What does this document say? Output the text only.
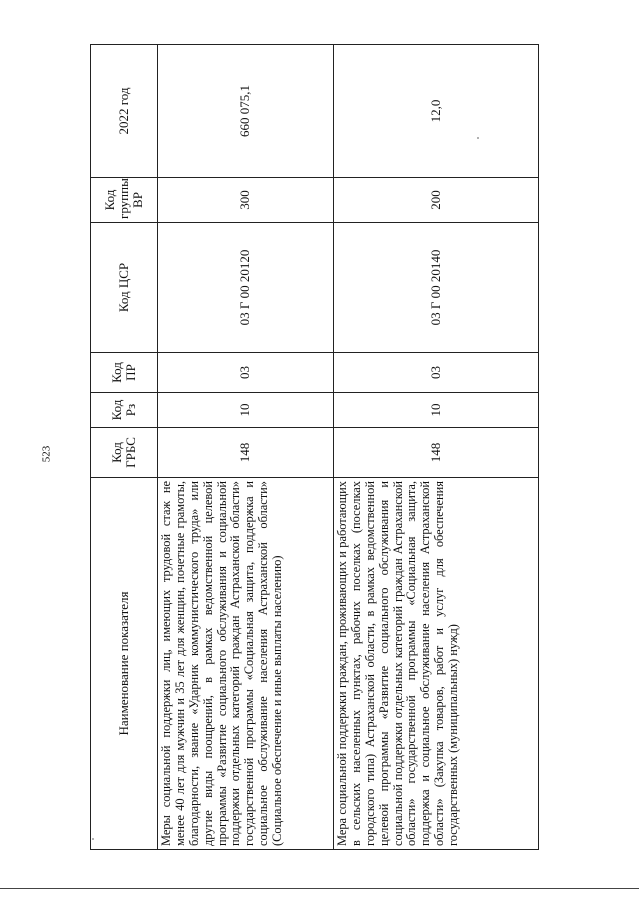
523
Наименование показателя	Код ГРБС	Код Рз	Код ПР	Код ЦСР	Код группы ВР	2022 год
Меры социальной поддержки лиц, имеющих трудовой стаж не менее 40 лет для мужчин и 35 лет для женщин, почетные грамоты, благодарности, звание «Ударник коммунистического труда» или другие виды поощрений, в рамках ведомственной целевой программы «Развитие социального обслуживания и социальной поддержки отдельных категорий граждан Астраханской области» государственной программы «Социальная защита, поддержка и социальное обслуживание населения Астраханской области» (Социальное обеспечение и иные выплаты населению)	148	10	03	03 Г 00 20120	300	660 075,1
Мера социальной поддержки граждан, проживающих и работающих в сельских населенных пунктах, рабочих поселках (поселках городского типа) Астраханской области, в рамках ведомственной целевой программы «Развитие социального обслуживания и социальной поддержки отдельных категорий граждан Астраханской области» государственной программы «Социальная защита, поддержка и социальное обслуживание населения Астраханской области» (Закупка товаров, работ и услуг для обеспечения государственных (муниципальных) нужд)	148	10	03	03 Г 00 20140	200	12,0
